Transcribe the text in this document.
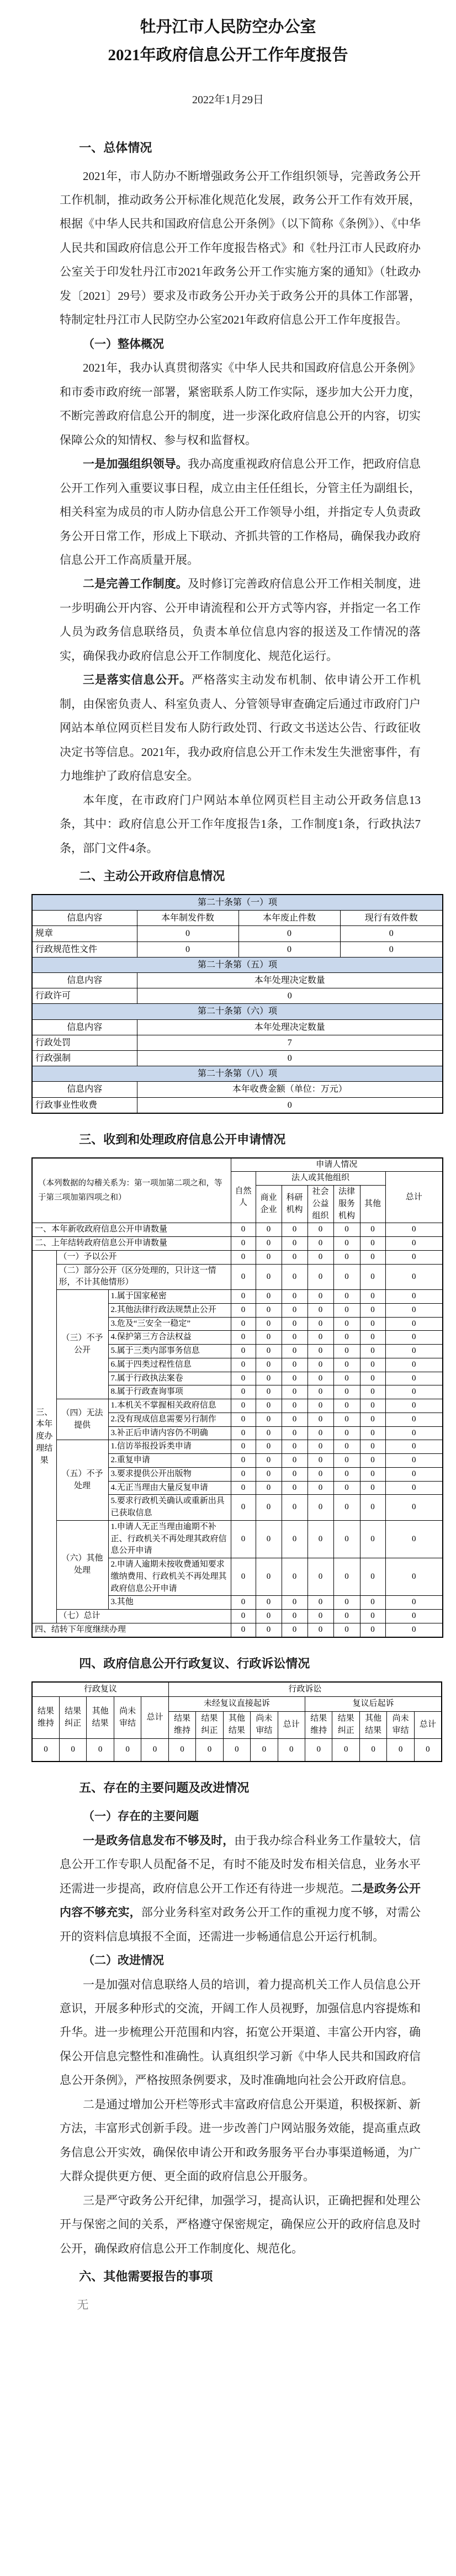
牡丹江市人民防空办公室
2021年政府信息公开工作年度报告
2022年1月29日
一、总体情况

2021年，市人防办不断增强政务公开工作组织领导，完善政务公开工作机制，推动政务公开标准化规范化发展，政务公开工作有效开展，根据《中华人民共和国政府信息公开条例》（以下简称《条例》）、《中华人民共和国政府信息公开工作年度报告格式》和《牡丹江市人民政府办公室关于印发牡丹江市2021年政务公开工作实施方案的通知》（牡政办发〔2021〕29号）要求及市政务公开办关于政务公开的具体工作部署，特制定牡丹江市人民防空办公室2021年政府信息公开工作年度报告。

（一）整体概况

2021年，我办认真贯彻落实《中华人民共和国政府信息公开条例》和市委市政府统一部署，紧密联系人防工作实际，逐步加大公开力度，不断完善政府信息公开的制度，进一步深化政府信息公开的内容，切实保障公众的知情权、参与权和监督权。

一是加强组织领导。我办高度重视政府信息公开工作，把政府信息公开工作列入重要议事日程，成立由主任任组长，分管主任为副组长，相关科室为成员的市人防办信息公开工作领导小组，并指定专人负责政务公开日常工作，形成上下联动、齐抓共管的工作格局，确保我办政府信息公开工作高质量开展。

二是完善工作制度。及时修订完善政府信息公开工作相关制度，进一步明确公开内容、公开申请流程和公开方式等内容，并指定一名工作人员为政务信息联络员，负责本单位信息内容的报送及工作情况的落实，确保我办政府信息公开工作制度化、规范化运行。

三是落实信息公开。严格落实主动发布机制、依申请公开工作机制，由保密负责人、科室负责人、分管领导审查确定后通过市政府门户网站本单位网页栏目发布人防行政处罚、行政文书送达公告、行政征收决定书等信息。2021年，我办政府信息公开工作未发生失泄密事件，有力地维护了政府信息安全。

本年度，在市政府门户网站本单位网页栏目主动公开政务信息13条，其中：政府信息公开工作年度报告1条，工作制度1条，行政执法7条，部门文件4条。

二、主动公开政府信息情况
第二十条第（一）项			
信息内容	本年制发件数	本年废止件数	现行有效件数
规章	0	0	0
行政规范性文件	0	0	0
第二十条第（五）项			
信息内容	本年处理决定数量		
行政许可	0		
第二十条第（六）项			
信息内容	本年处理决定数量		
行政处罚	7		
行政强制	0		
第二十条第（八）项			
信息内容	本年收费金额（单位：万元）		
行政事业性收费	0		
三、收到和处理政府信息公开申请情况
（本列数据的勾稽关系为：第一项加第二项之和，等于第三项加第四项之和）			申请人情况						
			自然人	法人或其他组织					总计
				商业企业	科研机构	社会公益组织	法律服务机构	其他	
一、本年新收政府信息公开申请数量			0	0	0	0	0	0	0
二、上年结转政府信息公开申请数量			0	0	0	0	0	0	0
三、本年度办理结果	（一）予以公开		0	0	0	0	0	0	0
	（二）部分公开（区分处理的，只计这一情形，不计其他情形）		0	0	0	0	0	0	0
	（三）不予公开	1.属于国家秘密	0	0	0	0	0	0	0
		2.其他法律行政法规禁止公开	0	0	0	0	0	0	0
		3.危及“三安全一稳定”	0	0	0	0	0	0	0
		4.保护第三方合法权益	0	0	0	0	0	0	0
		5.属于三类内部事务信息	0	0	0	0	0	0	0
		6.属于四类过程性信息	0	0	0	0	0	0	0
		7.属于行政执法案卷	0	0	0	0	0	0	0
		8.属于行政查询事项	0	0	0	0	0	0	0
	（四）无法提供	1.本机关不掌握相关政府信息	0	0	0	0	0	0	0
		2.没有现成信息需要另行制作	0	0	0	0	0	0	0
		3.补正后申请内容仍不明确	0	0	0	0	0	0	0
	（五）不予处理	1.信访举报投诉类申请	0	0	0	0	0	0	0
		2.重复申请	0	0	0	0	0	0	0
		3.要求提供公开出版物	0	0	0	0	0	0	0
		4.无正当理由大量反复申请	0	0	0	0	0	0	0
		5.要求行政机关确认或重新出具已获取信息	0	0	0	0	0	0	0
	（六）其他处理	1.申请人无正当理由逾期不补正、行政机关不再处理其政府信息公开申请	0	0	0	0	0	0	0
		2.申请人逾期未按收费通知要求缴纳费用、行政机关不再处理其政府信息公开申请	0	0	0	0	0	0	0
		3.其他	0	0	0	0	0	0	0
	（七）总计		0	0	0	0	0	0	0
四、结转下年度继续办理			0	0	0	0	0	0	0
四、政府信息公开行政复议、行政诉讼情况
行政复议					行政诉讼									
结果维持	结果纠正	其他结果	尚未审结	总计	未经复议直接起诉					复议后起诉				
					结果维持	结果纠正	其他结果	尚未审结	总计	结果维持	结果纠正	其他结果	尚未审结	总计
0	0	0	0	0	0	0	0	0	0	0	0	0	0	0
五、存在的主要问题及改进情况

（一）存在的主要问题

一是政务信息发布不够及时，由于我办综合科业务工作量较大，信息公开工作专职人员配备不足，有时不能及时发布相关信息，业务水平还需进一步提高，政府信息公开工作还有待进一步规范。二是政务公开内容不够充实，部分业务科室对政务公开工作的重视力度不够，对需公开的资料信息填报不全面，还需进一步畅通信息公开运行机制。

（二）改进情况

一是加强对信息联络人员的培训，着力提高机关工作人员信息公开意识，开展多种形式的交流，开阔工作人员视野，加强信息内容提炼和升华。进一步梳理公开范围和内容，拓宽公开渠道、丰富公开内容，确保公开信息完整性和准确性。认真组织学习新《中华人民共和国政府信息公开条例》，严格按照条例要求，及时准确地向社会公开政府信息。

二是通过增加公开栏等形式丰富政府信息公开渠道，积极探新、新方法，丰富形式创新手段。进一步改善门户网站服务效能，提高重点政务信息公开实效，确保依申请公开和政务服务平台办事渠道畅通，为广大群众提供更方便、更全面的政府信息公开服务。

三是严守政务公开纪律，加强学习，提高认识，正确把握和处理公开与保密之间的关系，严格遵守保密规定，确保应公开的政府信息及时公开，确保政府信息公开工作制度化、规范化。

六、其他需要报告的事项

无
